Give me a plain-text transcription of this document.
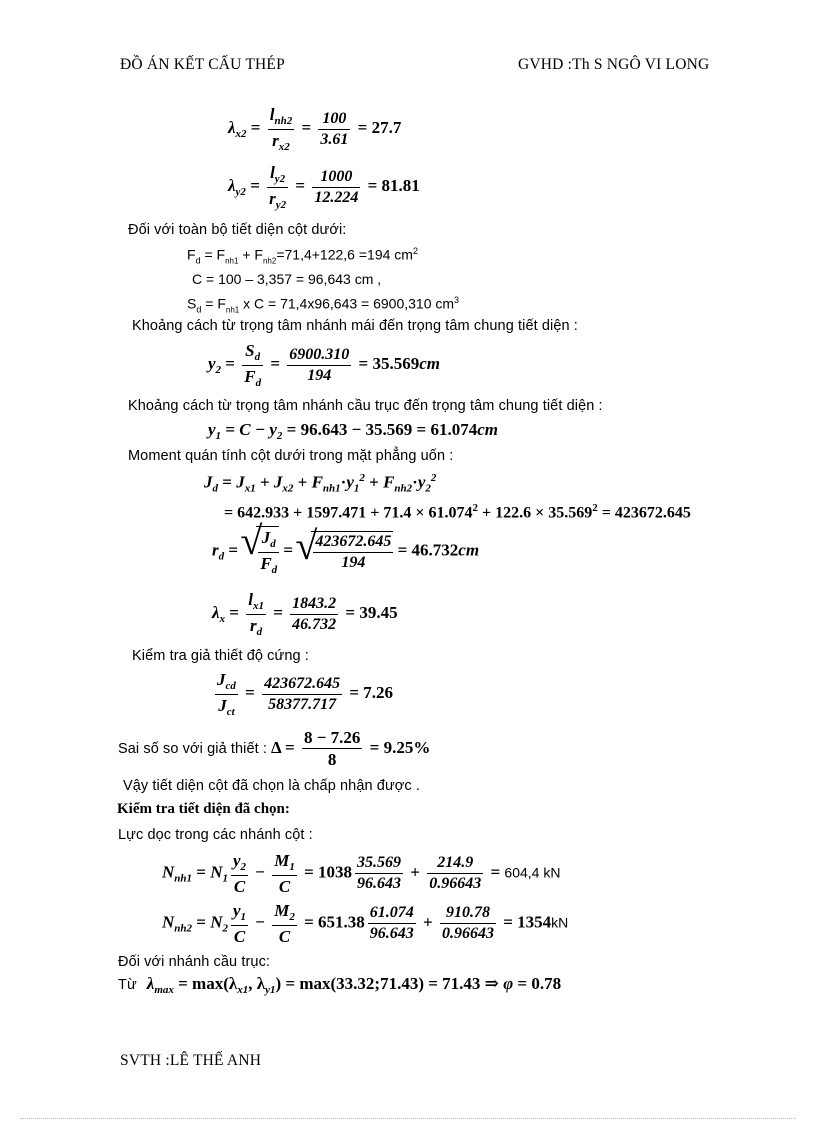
ĐỒ ÁN KẾT CẤU THÉP	GVHD :Th S NGÔ VI LONG
$\lambda_{x2} = \frac{l_{nh2}}{r_{x2}} = \frac{100}{3.61} = 27.7$
$\lambda_{y2} = \frac{l_{y2}}{r_{y2}} = \frac{1000}{12.224} = 81.81$
Đối với toàn bộ tiết diện cột dưới:
$F_d = F_{nh1} + F_{nh2}=71,4+122,6 =194$ $cm^2$
C = 100 – 3,357 = 96,643 cm ,
$S_d = F_{nh1}$ x C = 71,4x96,643 = 6900,310 $cm^3$
Khoảng cách từ trọng tâm nhánh mái đến trọng tâm chung tiết diện :
$y_2 = \frac{S_d}{F_d} = \frac{6900.310}{194} = 35.569cm$
Khoảng cách từ trọng tâm nhánh cầu trục đến trọng tâm chung tiết diện :
$y_1 = C - y_2 = 96.643 - 35.569 = 61.074cm$
Moment quán tính cột dưới trong mặt phẳng uốn :
$J_d = J_{x1} + J_{x2} + F_{nh1}\cdot y_1^2 + F_{nh2}\cdot y_2^2$
= $642.933 + 1597.471 + 71.4 \times 61.074^2 + 122.6 \times 35.569^2 = 423672.645$
$r_d$ = √ $\frac{J_d}{F_d}$ = √ $\frac{423672.645}{194} = 46.732cm$
$\lambda_x = \frac{l_{x1}}{r_d} = \frac{1843.2}{46.732} = 39.45$
Kiểm tra giả thiết độ cứng :
$\frac{J_{cd}}{J_{ct}} = \frac{423672.645}{58377.717} = 7.26$
Sai số so với giả thiết : $\Delta = \frac{8 - 7.26}{8} = 9.25\%$
Vậy tiết diện cột đã chọn là chấp nhận được .
Kiểm tra tiết diện đã chọn:
Lực dọc trong các nhánh cột :
$N_{nh1} = N_1 \frac{y_2}{C} - \frac{M_1}{C} = 1038 \frac{35.569}{96.643} + \frac{214.9}{0.96643} = 604,4$ kN
$N_{nh2} = N_2 \frac{y_1}{C} - \frac{M_2}{C} = 651.38 \frac{61.074}{96.643} + \frac{910.78}{0.96643} = 1354kN$
Đối với nhánh cầu trục:
Từ $\lambda_{max} = \max(\lambda_{x1}$, $\lambda_{y1}$) = max(33.32;71.43) = 71.43 ⇒ φ = 0.78
SVTH :LÊ THẾ ANH
